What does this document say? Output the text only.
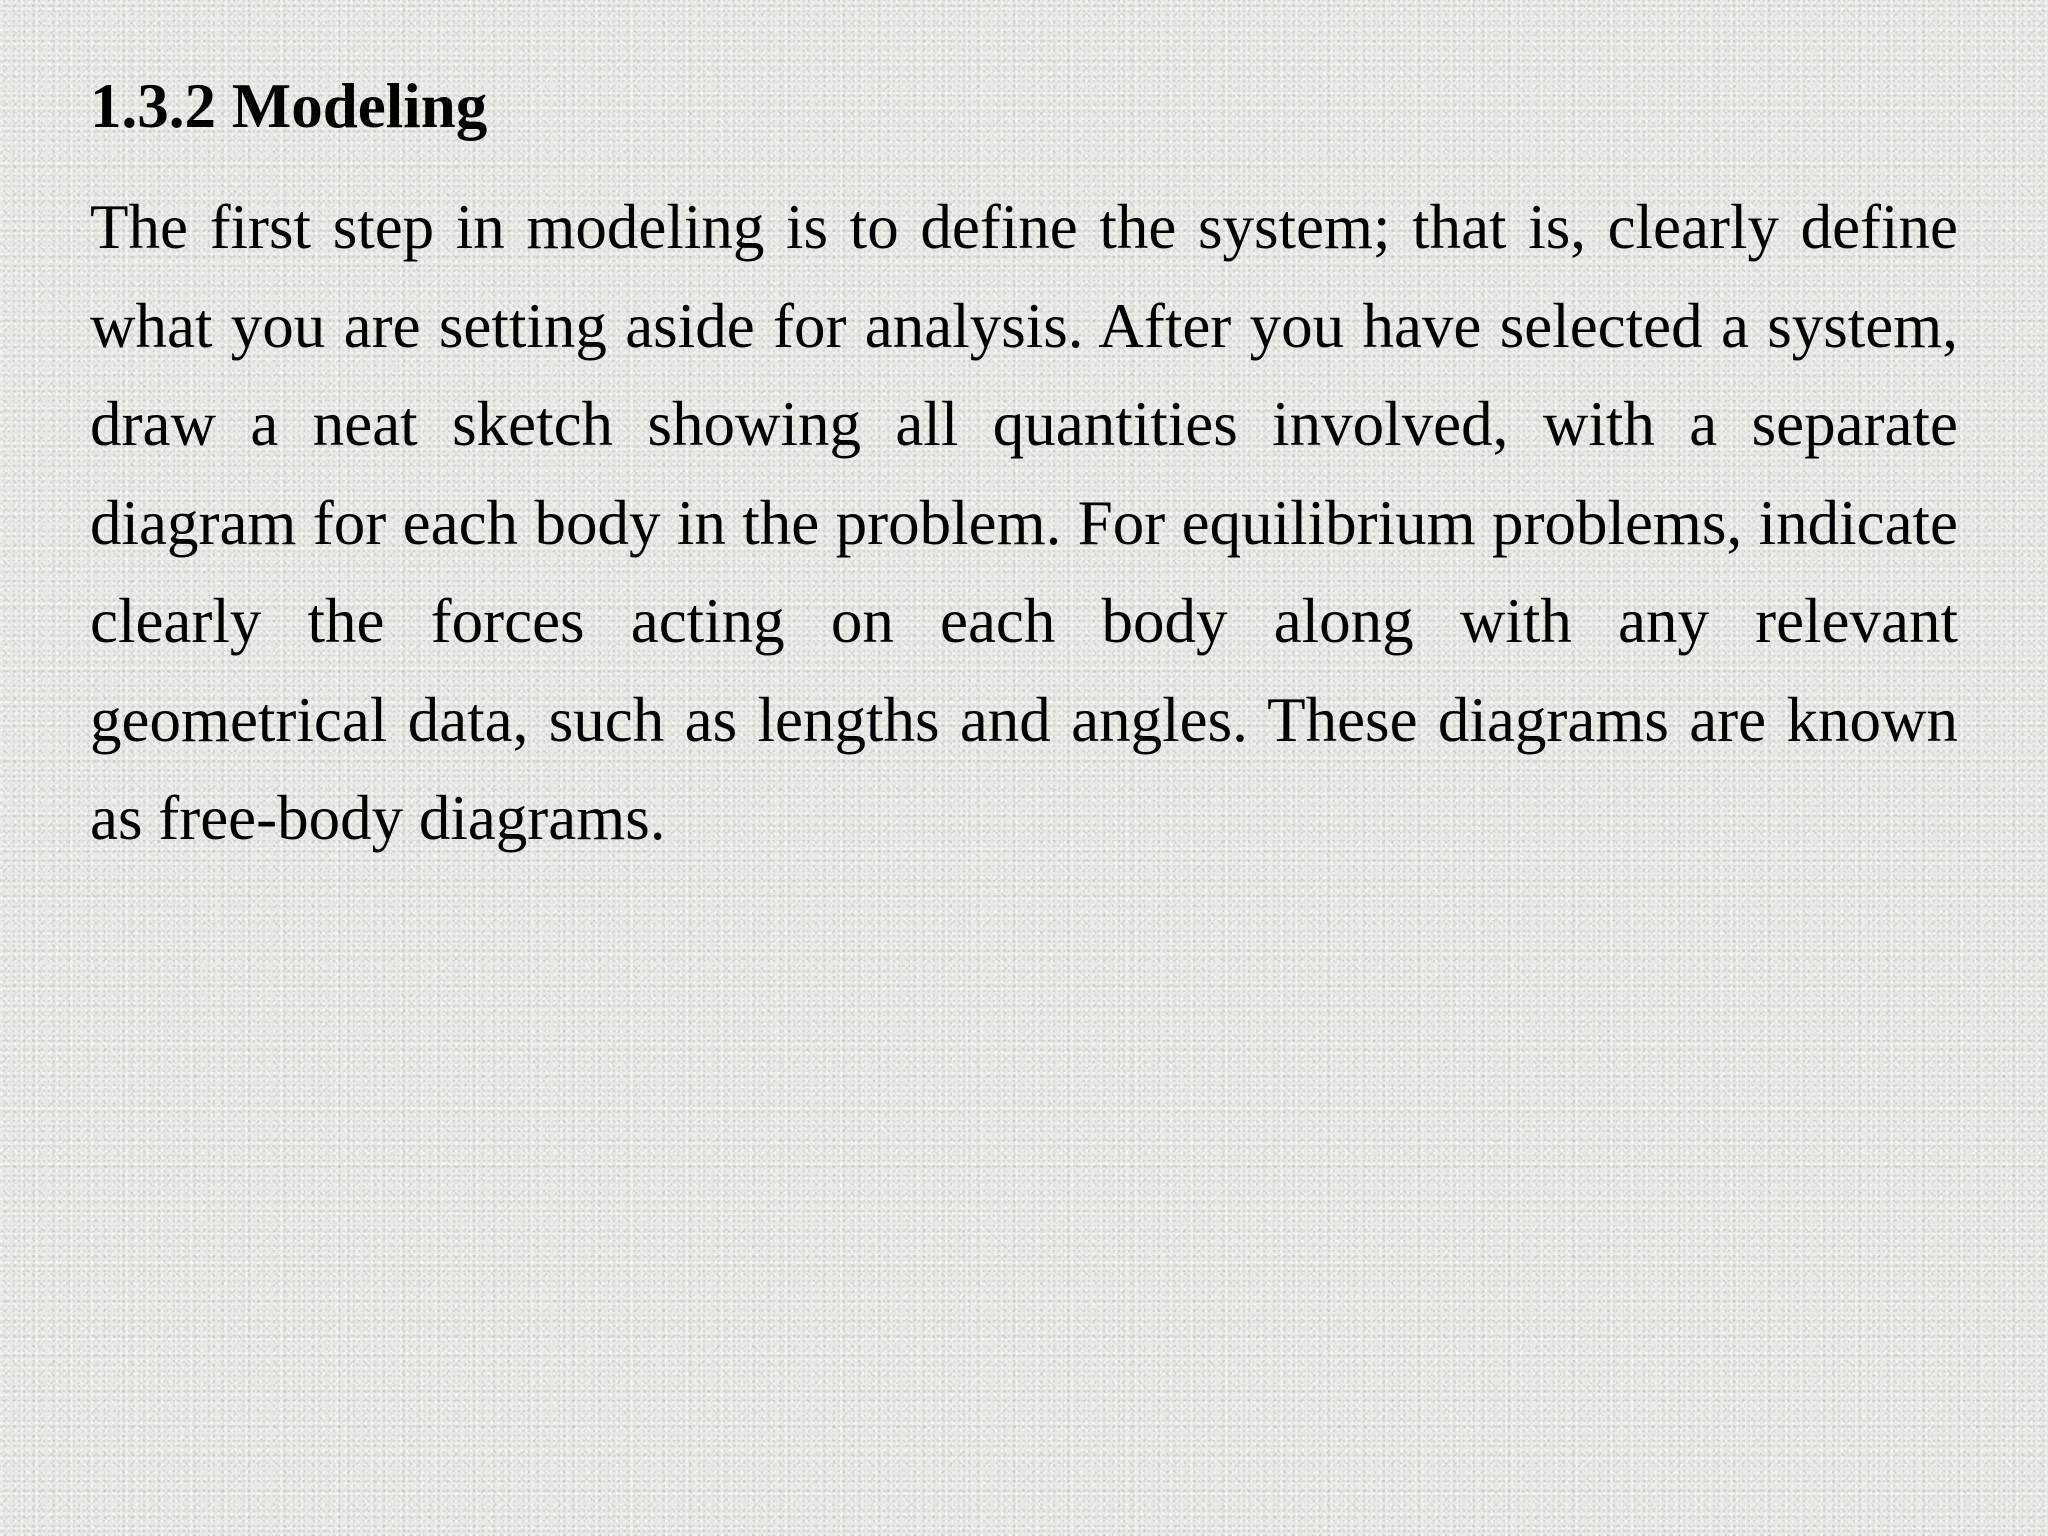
1.3.2 Modeling

The first step in modeling is to define the system; that is, clearly define what you are setting aside for analysis. After you have selected a system, draw a neat sketch showing all quantities involved, with a separate diagram for each body in the problem. For equilibrium problems, indicate clearly the forces acting on each body along with any relevant geometrical data, such as lengths and angles. These diagrams are known as free-body diagrams.
